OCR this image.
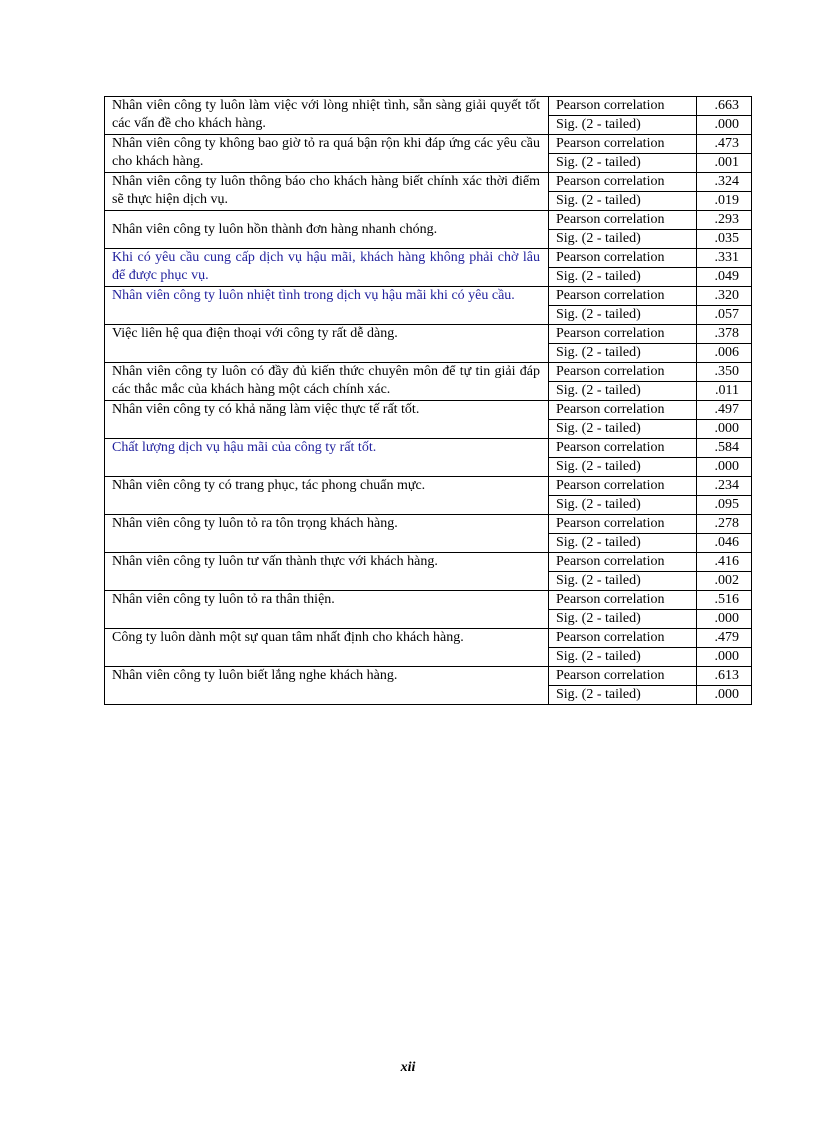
Nhân viên công ty luôn làm việc với lòng nhiệt tình, sẵn sàng giải quyết tốt các vấn đề cho khách hàng.	Pearson correlation	.663
	Sig. (2 - tailed)	.000
Nhân viên công ty không bao giờ tỏ ra quá bận rộn khi đáp ứng các yêu cầu cho khách hàng.	Pearson correlation	.473
	Sig. (2 - tailed)	.001
Nhân viên công ty luôn thông báo cho khách hàng biết chính xác thời điểm sẽ thực hiện dịch vụ.	Pearson correlation	.324
	Sig. (2 - tailed)	.019
Nhân viên công ty luôn hồn thành đơn hàng nhanh chóng.	Pearson correlation	.293
	Sig. (2 - tailed)	.035
Khi có yêu cầu cung cấp dịch vụ hậu mãi, khách hàng không phải chờ lâu để được phục vụ.	Pearson correlation	.331
	Sig. (2 - tailed)	.049
Nhân viên công ty luôn nhiệt tình trong dịch vụ hậu mãi khi có yêu cầu.	Pearson correlation	.320
	Sig. (2 - tailed)	.057
Việc liên hệ qua điện thoại với công ty rất dễ dàng.	Pearson correlation	.378
	Sig. (2 - tailed)	.006
Nhân viên công ty luôn có đầy đủ kiến thức chuyên môn để tự tin giải đáp các thắc mắc của khách hàng một cách chính xác.	Pearson correlation	.350
	Sig. (2 - tailed)	.011
Nhân viên công ty có khả năng làm việc thực tế rất tốt.	Pearson correlation	.497
	Sig. (2 - tailed)	.000
Chất lượng dịch vụ hậu mãi của công ty rất tốt.	Pearson correlation	.584
	Sig. (2 - tailed)	.000
Nhân viên công ty có trang phục, tác phong chuẩn mực.	Pearson correlation	.234
	Sig. (2 - tailed)	.095
Nhân viên công ty luôn tỏ ra tôn trọng khách hàng.	Pearson correlation	.278
	Sig. (2 - tailed)	.046
Nhân viên công ty luôn tư vấn thành thực với khách hàng.	Pearson correlation	.416
	Sig. (2 - tailed)	.002
Nhân viên công ty luôn tỏ ra thân thiện.	Pearson correlation	.516
	Sig. (2 - tailed)	.000
Công ty luôn dành một sự quan tâm nhất định cho khách hàng.	Pearson correlation	.479
	Sig. (2 - tailed)	.000
Nhân viên công ty luôn biết lắng nghe khách hàng.	Pearson correlation	.613
	Sig. (2 - tailed)	.000
xii
